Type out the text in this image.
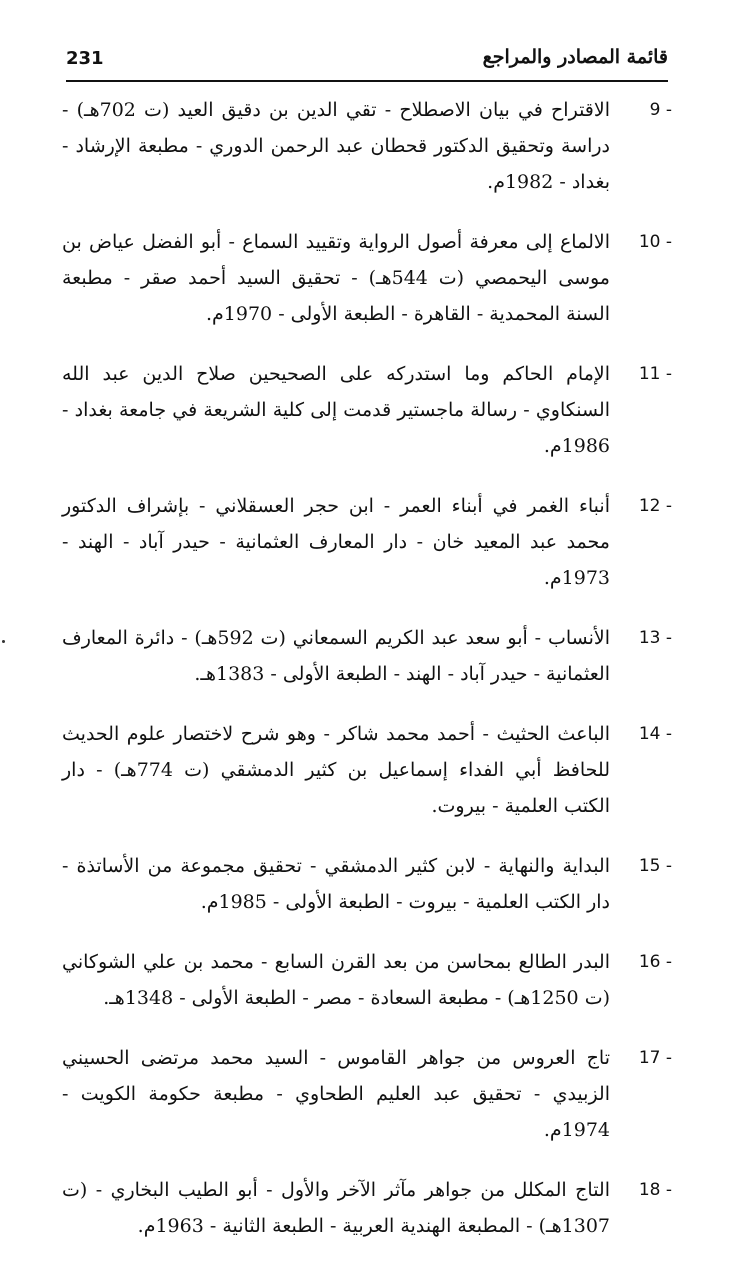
231	قائمة المصادر والمراجع
9 -
الاقتراح في بيان الاصطلاح - تقي الدين بن دقيق العيد (ت 702هـ) - دراسة وتحقيق الدكتور قحطان عبد الرحمن الدوري - مطبعة الإرشاد - بغداد - 1982م.
10 -
الالماع إلى معرفة أصول الرواية وتقييد السماع - أبو الفضل عياض بن موسى اليحمصي (ت 544هـ) - تحقيق السيد أحمد صقر - مطبعة السنة المحمدية - القاهرة - الطبعة الأولى - 1970م.
11 -
الإمام الحاكم وما استدركه على الصحيحين صلاح الدين عبد الله السنكاوي - رسالة ماجستير قدمت إلى كلية الشريعة في جامعة بغداد - 1986م.
12 -
أنباء الغمر في أبناء العمر - ابن حجر العسقلاني - بإشراف الدكتور محمد عبد المعيد خان - دار المعارف العثمانية - حيدر آباد - الهند - 1973م.
13 -
الأنساب - أبو سعد عبد الكريم السمعاني (ت 592هـ) - دائرة المعارف العثمانية - حيدر آباد - الهند - الطبعة الأولى - 1383هـ.
14 -
الباعث الحثيث - أحمد محمد شاكر - وهو شرح لاختصار علوم الحديث للحافظ أبي الفداء إسماعيل بن كثير الدمشقي (ت 774هـ) - دار الكتب العلمية - بيروت.
15 -
البداية والنهاية - لابن كثير الدمشقي - تحقيق مجموعة من الأساتذة - دار الكتب العلمية - بيروت - الطبعة الأولى - 1985م.
16 -
البدر الطالع بمحاسن من بعد القرن السابع - محمد بن علي الشوكاني (ت 1250هـ) - مطبعة السعادة - مصر - الطبعة الأولى - 1348هـ.
17 -
تاج العروس من جواهر القاموس - السيد محمد مرتضى الحسيني الزبيدي - تحقيق عبد العليم الطحاوي - مطبعة حكومة الكويت - 1974م.
18 -
التاج المكلل من جواهر مآثر الآخر والأول - أبو الطيب البخاري - (ت 1307هـ) - المطبعة الهندية العربية - الطبعة الثانية - 1963م.
